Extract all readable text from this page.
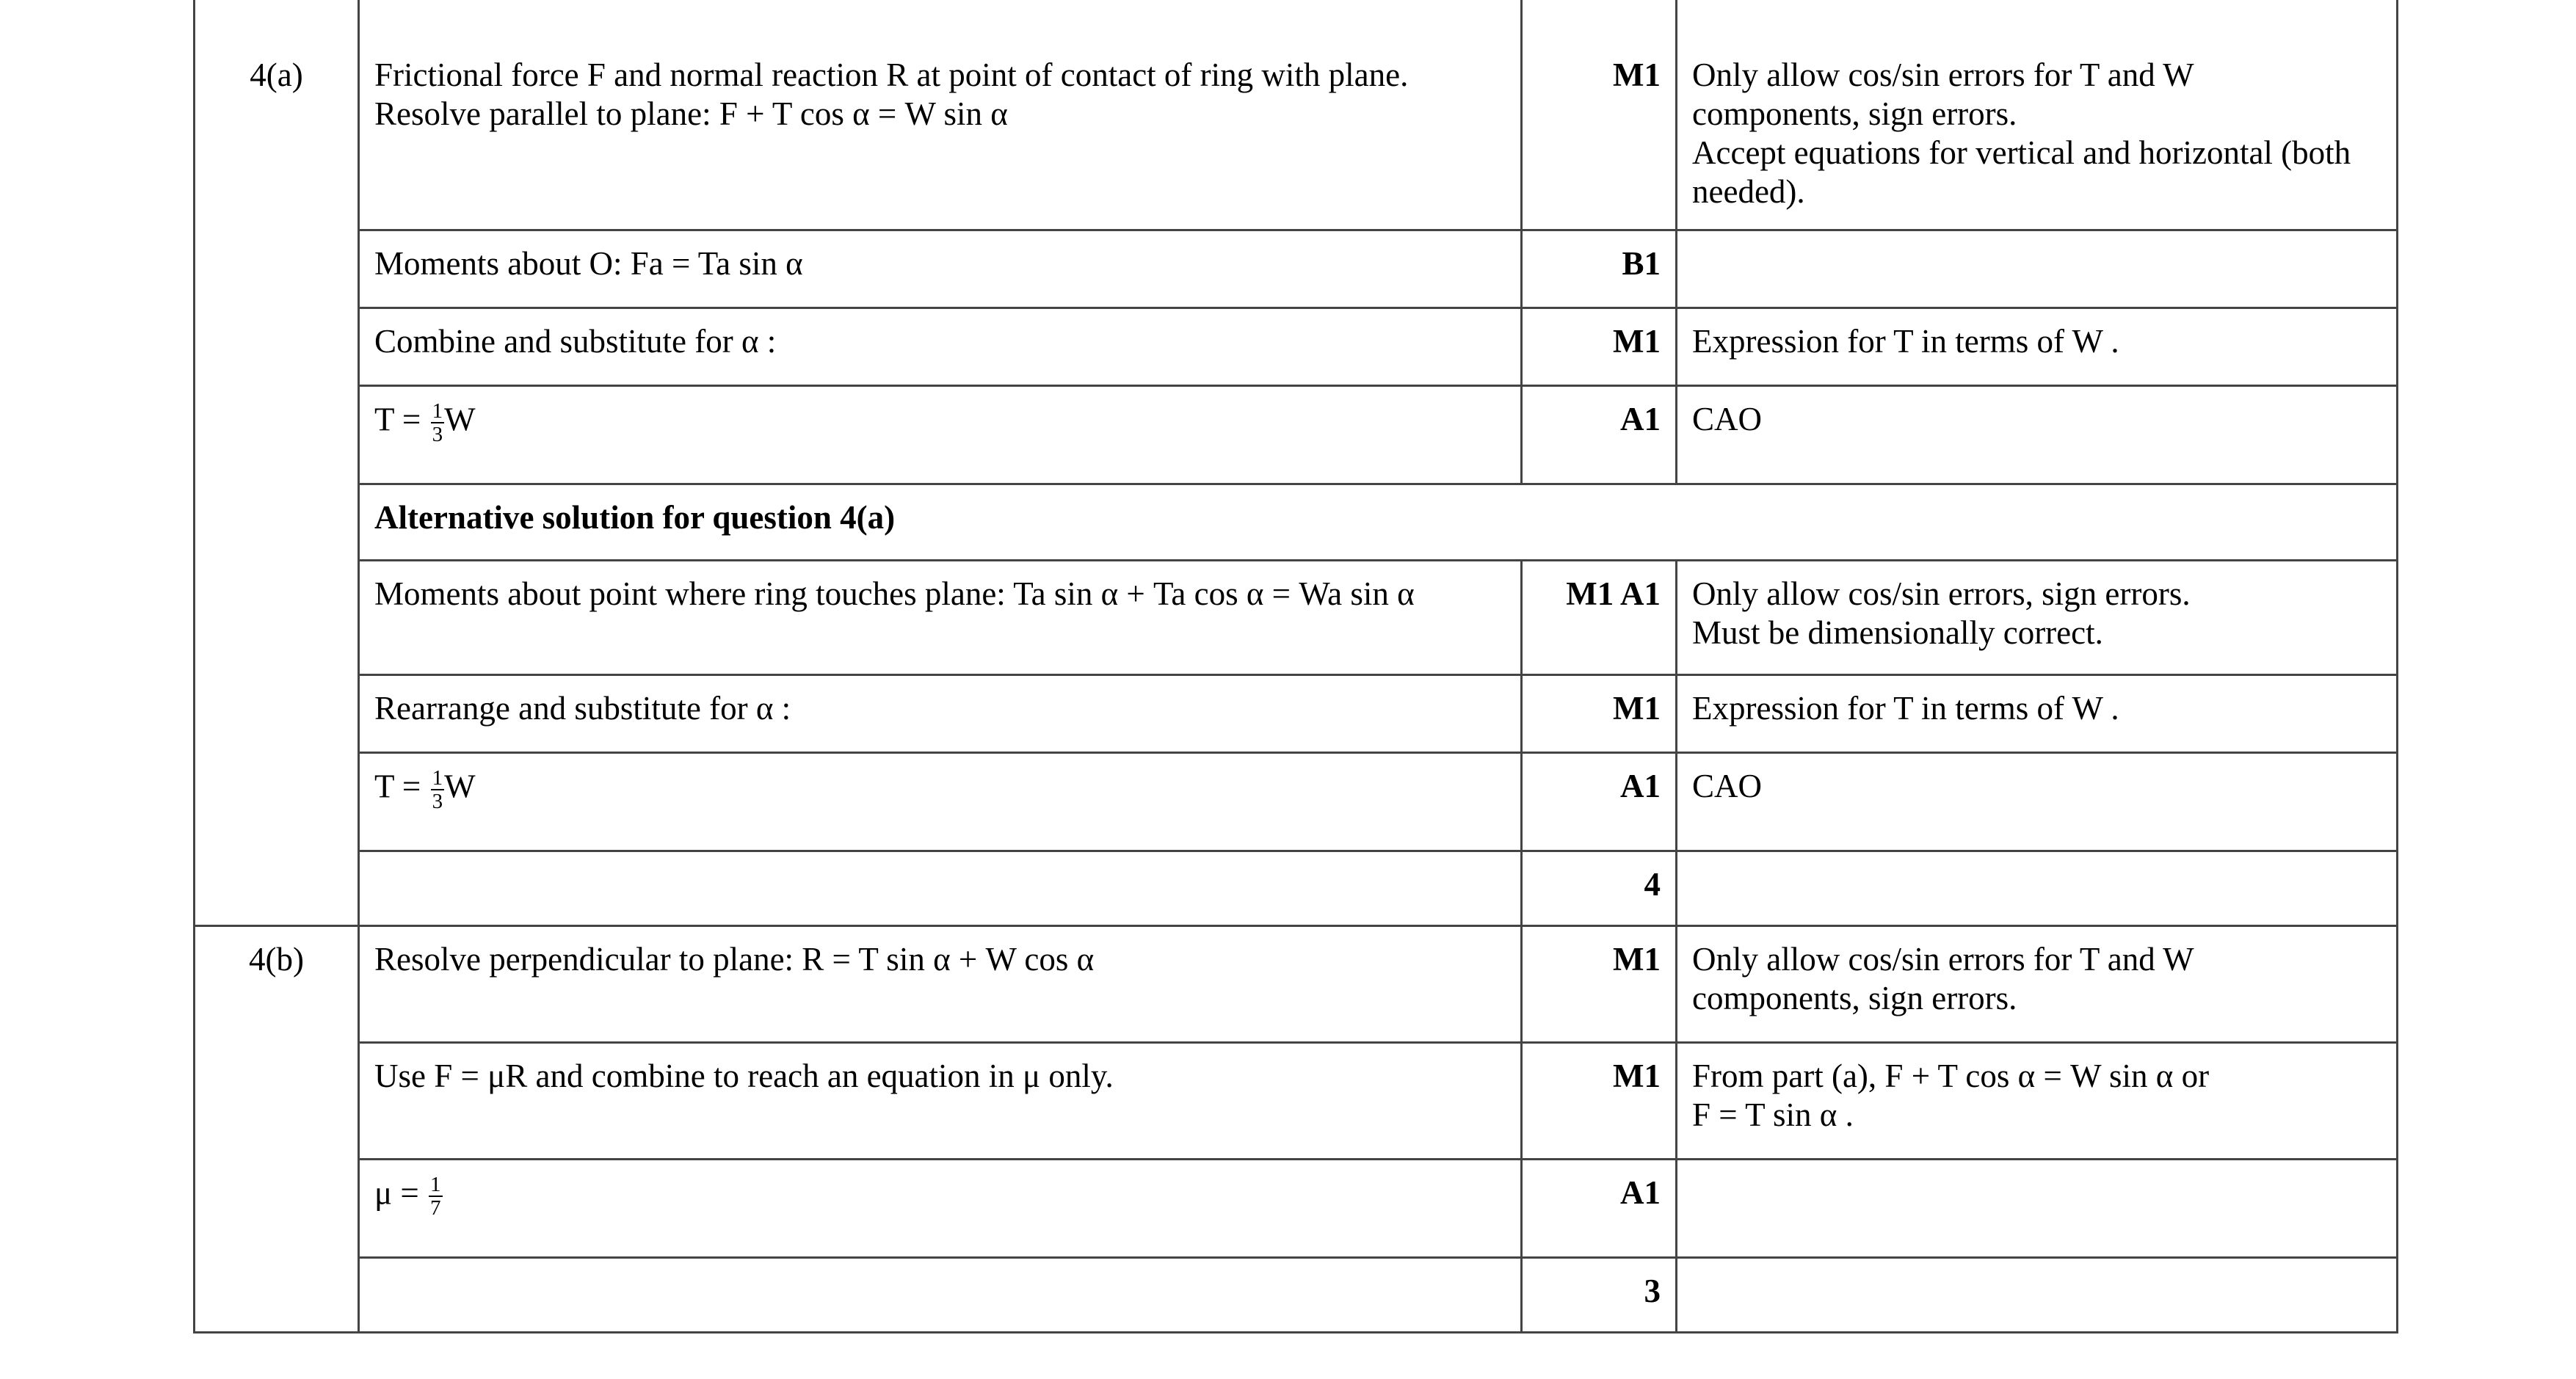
4(a)	Frictional force F and normal reaction R at point of contact of ring with plane.
Resolve parallel to plane: F + T cos α = W sin α	M1	Only allow cos/sin errors for T and W
components, sign errors.
Accept equations for vertical and horizontal (both
needed).

	Moments about O: Fa = Ta sin α	B1	
	Combine and substitute for α :	M1	Expression for T in terms of W .
	$T = \frac{1}{3}$ W	A1	CAO
	Alternative solution for question 4(a)		
	Moments about point where ring touches plane: Ta sin α + Ta cos α = Wa sin α	M1 A1	Only allow cos/sin errors, sign errors.
Must be dimensionally correct.

	Rearrange and substitute for α :	M1	Expression for T in terms of W .
	$T = \frac{1}{3}$ W	A1	CAO
		4	
4(b)	Resolve perpendicular to plane: R = T sin α + W cos α	M1	Only allow cos/sin errors for T and W
components, sign errors.

	Use F = μR and combine to reach an equation in μ only.	M1	From part (a), F + T cos α = W sin α or
F = T sin α .

	$\mu = \frac{1}{7}$	A1	
		3	
